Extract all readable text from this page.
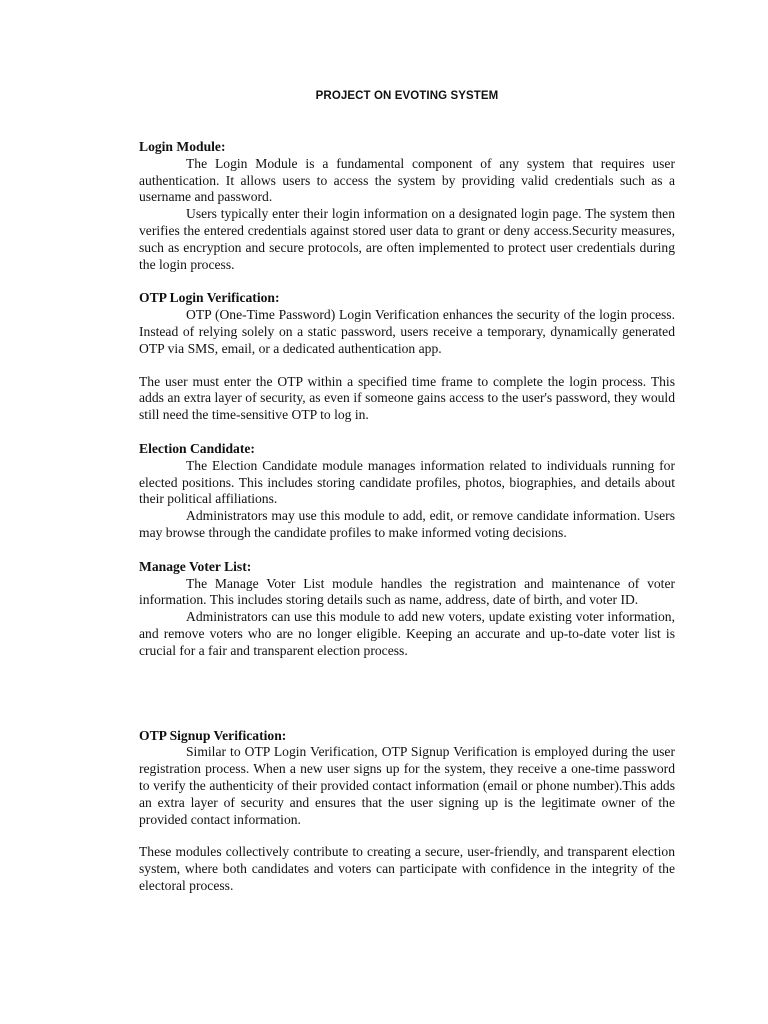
PROJECT ON EVOTING SYSTEM
Login Module:

The Login Module is a fundamental component of any system that requires user authentication. It allows users to access the system by providing valid credentials such as a username and password.

Users typically enter their login information on a designated login page. The system then verifies the entered credentials against stored user data to grant or deny access.Security measures, such as encryption and secure protocols, are often implemented to protect user credentials during the login process.

OTP Login Verification:

OTP (One-Time Password) Login Verification enhances the security of the login process. Instead of relying solely on a static password, users receive a temporary, dynamically generated OTP via SMS, email, or a dedicated authentication app.

The user must enter the OTP within a specified time frame to complete the login process. This adds an extra layer of security, as even if someone gains access to the user's password, they would still need the time-sensitive OTP to log in.

Election Candidate:

The Election Candidate module manages information related to individuals running for elected positions. This includes storing candidate profiles, photos, biographies, and details about their political affiliations.

Administrators may use this module to add, edit, or remove candidate information. Users may browse through the candidate profiles to make informed voting decisions.

Manage Voter List:

The Manage Voter List module handles the registration and maintenance of voter information. This includes storing details such as name, address, date of birth, and voter ID.

Administrators can use this module to add new voters, update existing voter information, and remove voters who are no longer eligible. Keeping an accurate and up-to-date voter list is crucial for a fair and transparent election process.

OTP Signup Verification:

Similar to OTP Login Verification, OTP Signup Verification is employed during the user registration process. When a new user signs up for the system, they receive a one-time password to verify the authenticity of their provided contact information (email or phone number).This adds an extra layer of security and ensures that the user signing up is the legitimate owner of the provided contact information.

These modules collectively contribute to creating a secure, user-friendly, and transparent election system, where both candidates and voters can participate with confidence in the integrity of the electoral process.
